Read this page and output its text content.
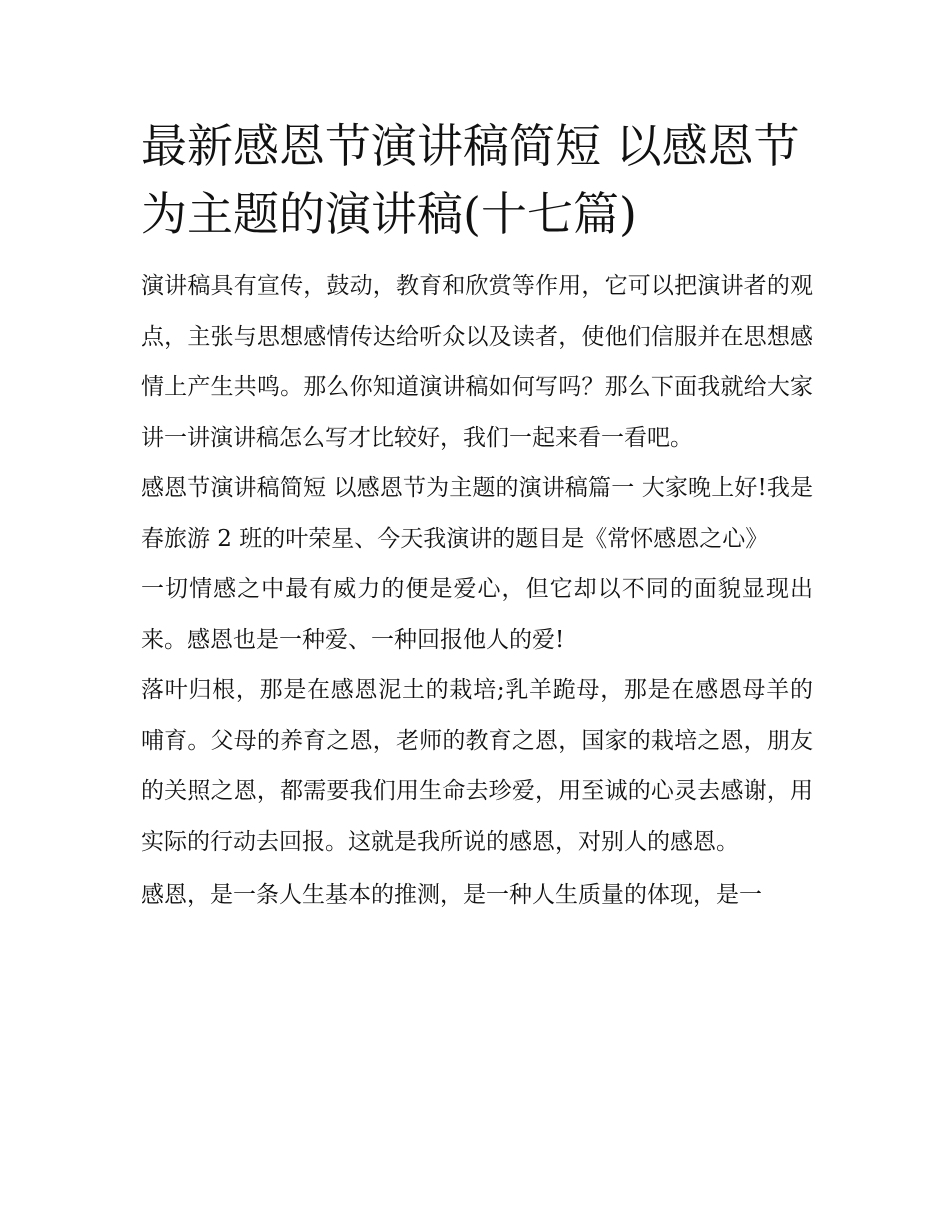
最新感恩节演讲稿简短 以感恩节为主题的演讲稿(十七篇)

演讲稿具有宣传，鼓动，教育和欣赏等作用，它可以把演讲者的观点，主张与思想感情传达给听众以及读者，使他们信服并在思想感情上产生共鸣。那么你知道演讲稿如何写吗？那么下面我就给大家讲一讲演讲稿怎么写才比较好，我们一起来看一看吧。

感恩节演讲稿简短 以感恩节为主题的演讲稿篇一 大家晚上好!我是春旅游 2 班的叶荣星、今天我演讲的题目是《常怀感恩之心》

一切情感之中最有威力的便是爱心，但它却以不同的面貌显现出来。感恩也是一种爱、一种回报他人的爱!

落叶归根，那是在感恩泥土的栽培;乳羊跪母，那是在感恩母羊的哺育。父母的养育之恩，老师的教育之恩，国家的栽培之恩，朋友的关照之恩，都需要我们用生命去珍爱，用至诚的心灵去感谢，用实际的行动去回报。这就是我所说的感恩，对别人的感恩。

感恩，是一条人生基本的推测，是一种人生质量的体现，是一
